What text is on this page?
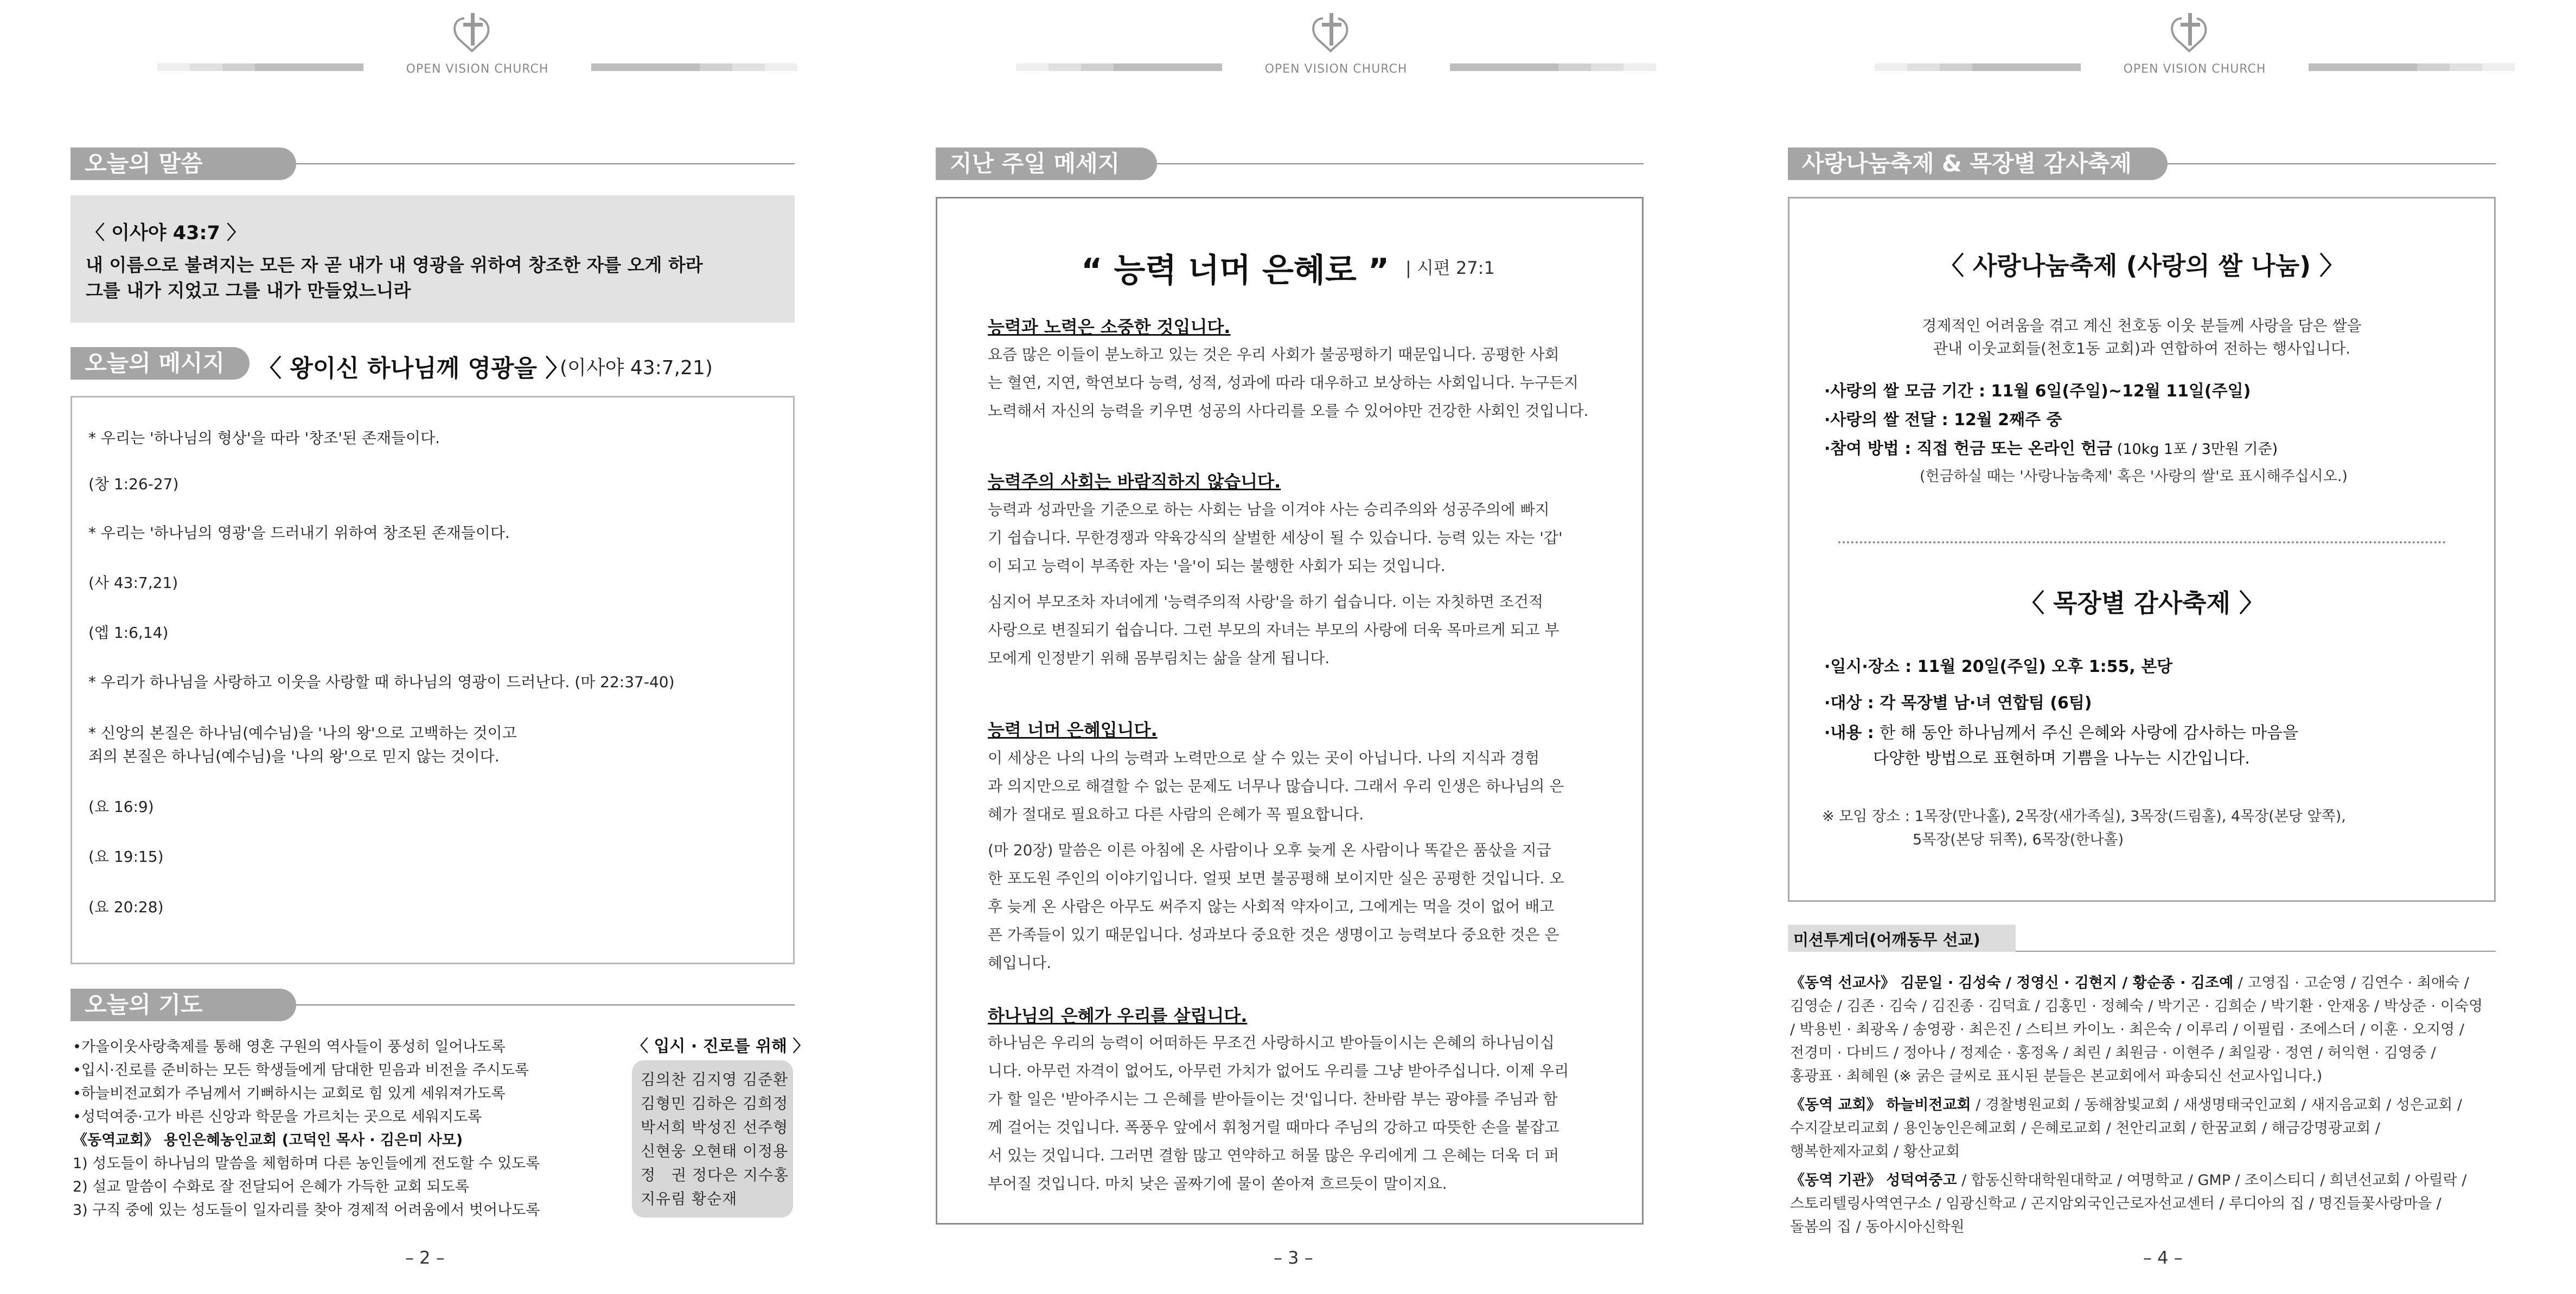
OPEN VISION CHURCH
오늘의 말씀
〈 이사야 43:7 〉
내 이름으로 불려지는 모든 자 곧 내가 내 영광을 위하여 창조한 자를 오게 하라
그를 내가 지었고 그를 내가 만들었느니라
오늘의 메시지	〈 왕이신 하나님께 영광을 〉
(이사야 43:7,21)
* 우리는 '하나님의 형상'을 따라 '창조'된 존재들이다.
(창 1:26-27)
* 우리는 '하나님의 영광'을 드러내기 위하여 창조된 존재들이다.
(사 43:7,21)
(엡 1:6,14)
* 우리가 하나님을 사랑하고 이웃을 사랑할 때 하나님의 영광이 드러난다. (마 22:37-40)
* 신앙의 본질은 하나님(예수님)을 '나의 왕'으로 고백하는 것이고
죄의 본질은 하나님(예수님)을 '나의 왕'으로 믿지 않는 것이다.
(요 16:9)
(요 19:15)
(요 20:28)
오늘의 기도
•가을이웃사랑축제를 통해 영혼 구원의 역사들이 풍성히 일어나도록
•입시·진로를 준비하는 모든 학생들에게 담대한 믿음과 비전을 주시도록
•하늘비전교회가 주님께서 기뻐하시는 교회로 힘 있게 세워져가도록
•성덕여중·고가 바른 신앙과 학문을 가르치는 곳으로 세워지도록
《동역교회》 용인은혜농인교회 (고덕인 목사 · 김은미 사모)
1) 성도들이 하나님의 말씀을 체험하며 다른 농인들에게 전도할 수 있도록
2) 설교 말씀이 수화로 잘 전달되어 은혜가 가득한 교회 되도록
3) 구직 중에 있는 성도들이 일자리를 찾아 경제적 어려움에서 벗어나도록
〈 입시 · 진로를 위해 〉
김의찬 김지영 김준환
김형민 김하은 김희정
박서희 박성진 선주형
신현웅 오현태 이정용
정　권 정다은 지수홍
지유림 황순재
– 2 –
OPEN VISION CHURCH
지난 주일 메세지
“ 능력 너머 은혜로 ” | 시편 27:1
능력과 노력은 소중한 것입니다.
요즘 많은 이들이 분노하고 있는 것은 우리 사회가 불공평하기 때문입니다. 공평한 사회
는 혈연, 지연, 학연보다 능력, 성적, 성과에 따라 대우하고 보상하는 사회입니다. 누구든지
노력해서 자신의 능력을 키우면 성공의 사다리를 오를 수 있어야만 건강한 사회인 것입니다.
능력주의 사회는 바람직하지 않습니다.
능력과 성과만을 기준으로 하는 사회는 남을 이겨야 사는 승리주의와 성공주의에 빠지
기 쉽습니다. 무한경쟁과 약육강식의 살벌한 세상이 될 수 있습니다. 능력 있는 자는 '갑'
이 되고 능력이 부족한 자는 '을'이 되는 불행한 사회가 되는 것입니다.
심지어 부모조차 자녀에게 '능력주의적 사랑'을 하기 쉽습니다. 이는 자칫하면 조건적
사랑으로 변질되기 쉽습니다. 그런 부모의 자녀는 부모의 사랑에 더욱 목마르게 되고 부
모에게 인정받기 위해 몸부림치는 삶을 살게 됩니다.
능력 너머 은혜입니다.
이 세상은 나의 나의 능력과 노력만으로 살 수 있는 곳이 아닙니다. 나의 지식과 경험
과 의지만으로 해결할 수 없는 문제도 너무나 많습니다. 그래서 우리 인생은 하나님의 은
혜가 절대로 필요하고 다른 사람의 은혜가 꼭 필요합니다.
(마 20장) 말씀은 이른 아침에 온 사람이나 오후 늦게 온 사람이나 똑같은 품삯을 지급
한 포도원 주인의 이야기입니다. 얼핏 보면 불공평해 보이지만 실은 공평한 것입니다. 오
후 늦게 온 사람은 아무도 써주지 않는 사회적 약자이고, 그에게는 먹을 것이 없어 배고
픈 가족들이 있기 때문입니다. 성과보다 중요한 것은 생명이고 능력보다 중요한 것은 은
혜입니다.
하나님의 은혜가 우리를 살립니다.
하나님은 우리의 능력이 어떠하든 무조건 사랑하시고 받아들이시는 은혜의 하나님이십
니다. 아무런 자격이 없어도, 아무런 가치가 없어도 우리를 그냥 받아주십니다. 이제 우리
가 할 일은 '받아주시는 그 은혜를 받아들이는 것'입니다. 찬바람 부는 광야를 주님과 함
께 걸어는 것입니다. 폭풍우 앞에서 휘청거릴 때마다 주님의 강하고 따뜻한 손을 붙잡고
서 있는 것입니다. 그러면 결함 많고 연약하고 허물 많은 우리에게 그 은혜는 더욱 더 퍼
부어질 것입니다. 마치 낮은 골짜기에 물이 쏟아져 흐르듯이 말이지요.
– 3 –
OPEN VISION CHURCH
사랑나눔축제 & 목장별 감사축제
〈 사랑나눔축제 (사랑의 쌀 나눔) 〉
경제적인 어려움을 겪고 계신 천호동 이웃 분들께 사랑을 담은 쌀을
관내 이웃교회들(천호1동 교회)과 연합하여 전하는 행사입니다.
·사랑의 쌀 모금 기간 : 11월 6일(주일)~12월 11일(주일)
·사랑의 쌀 전달 : 12월 2째주 중
·참여 방법 : 직접 헌금 또는 온라인 헌금 (10kg 1포 / 3만원 기준)
(헌금하실 때는 '사랑나눔축제' 혹은 '사랑의 쌀'로 표시해주십시오.)
〈 목장별 감사축제 〉
·일시·장소 : 11월 20일(주일) 오후 1:55, 본당
·대상 : 각 목장별 남·녀 연합팀 (6팀)
·내용 : 한 해 동안 하나님께서 주신 은혜와 사랑에 감사하는 마음을
다양한 방법으로 표현하며 기쁨을 나누는 시간입니다.
※ 모임 장소 : 1목장(만나홀), 2목장(새가족실), 3목장(드림홀), 4목장(본당 앞쪽),
5목장(본당 뒤쪽), 6목장(한나홀)
미션투게더(어깨동무 선교)
《동역 선교사》 김문일 · 김성숙 / 정영신 · 김현지 / 황순종 · 김조예 / 고영집 · 고순영 / 김연수 · 최애숙 /
김영순 / 김존 · 김숙 / 김진종 · 김덕효 / 김홍민 · 정혜숙 / 박기곤 · 김희순 / 박기환 · 안재옹 / 박상준 · 이숙영
/ 박용빈 · 최광옥 / 송영광 · 최은진 / 스티브 카이노 · 최은숙 / 이루리 / 이필립 · 조에스더 / 이훈 · 오지영 /
전경미 · 다비드 / 정아나 / 정제순 · 홍정옥 / 최린 / 최원금 · 이현주 / 최일광 · 정연 / 허익현 · 김영중 /
홍광표 · 최혜원 (※ 굵은 글씨로 표시된 분들은 본교회에서 파송되신 선교사입니다.)
《동역 교회》 하늘비전교회 / 경찰병원교회 / 동해참빛교회 / 새생명태국인교회 / 새지음교회 / 성은교회 /
수지갈보리교회 / 용인농인은혜교회 / 은혜로교회 / 천안리교회 / 한꿈교회 / 해금강명광교회 /
행복한제자교회 / 황산교회
《동역 기관》 성덕여중고 / 합동신학대학원대학교 / 여명학교 / GMP / 조이스티디 / 희년선교회 / 아릴락 /
스토리텔링사역연구소 / 임광신학교 / 곤지암외국인근로자선교센터 / 루디아의 집 / 명진들꽃사랑마을 /
돌봄의 집 / 동아시아신학원
– 4 –
